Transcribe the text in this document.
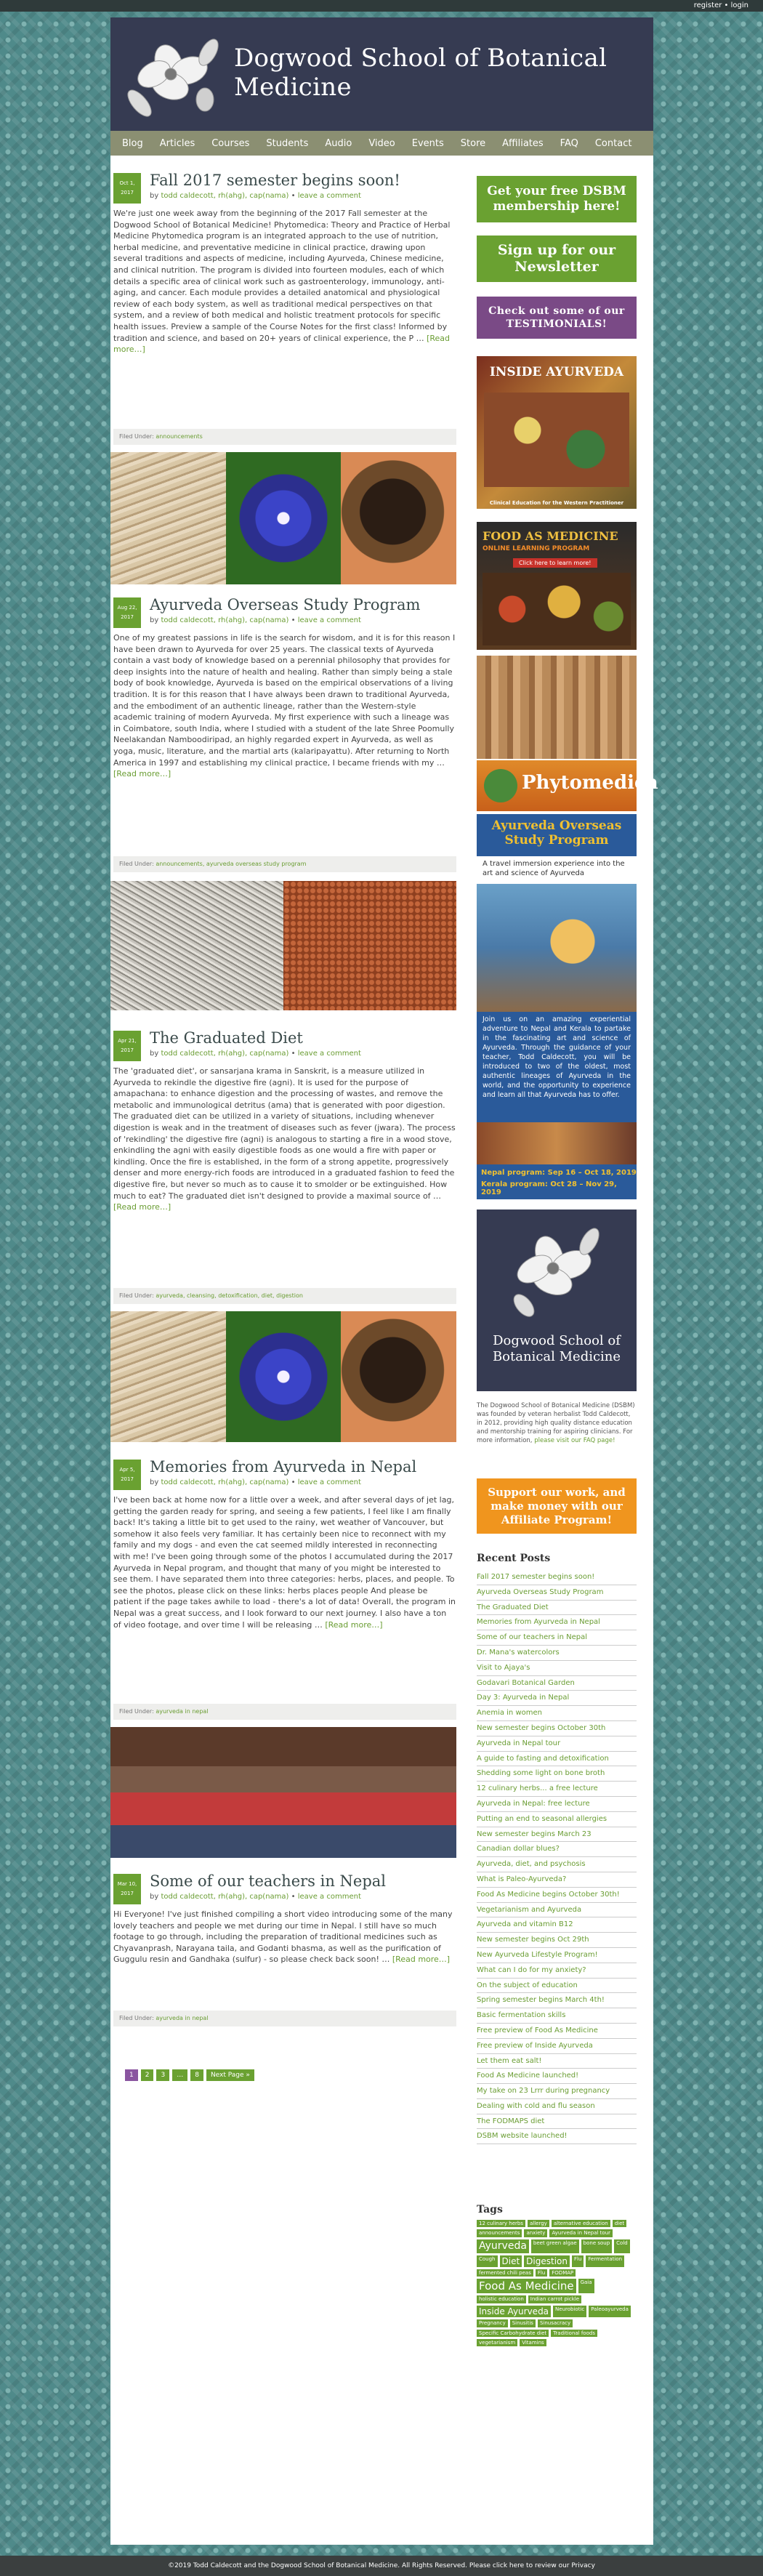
register • login
Dogwood School of Botanical Medicine
Blog Articles Courses Students Audio Video Events Store Affiliates FAQ Contact
Oct 1,
2017
Fall 2017 semester begins soon!
by todd caldecott, rh(ahg), cap(nama) • leave a comment
We're just one week away from the beginning of the 2017 Fall semester at the Dogwood School of Botanical Medicine! Phytomedica: Theory and Practice of Herbal Medicine Phytomedica program is an integrated approach to the use of nutrition, herbal medicine, and preventative medicine in clinical practice, drawing upon several traditions and aspects of medicine, including Ayurveda, Chinese medicine, and clinical nutrition. The program is divided into fourteen modules, each of which details a specific area of clinical work such as gastroenterology, immunology, anti-aging, and cancer. Each module provides a detailed anatomical and physiological review of each body system, as well as traditional medical perspectives on that system, and a review of both medical and holistic treatment protocols for specific health issues. Preview a sample of the Course Notes for the first class! Informed by tradition and science, and based on 20+ years of clinical experience, the P … [Read more…]
Filed Under: announcements
Aug 22,
2017
Ayurveda Overseas Study Program
by todd caldecott, rh(ahg), cap(nama) • leave a comment
One of my greatest passions in life is the search for wisdom, and it is for this reason I have been drawn to Ayurveda for over 25 years. The classical texts of Ayurveda contain a vast body of knowledge based on a perennial philosophy that provides for deep insights into the nature of health and healing. Rather than simply being a stale body of book knowledge, Ayurveda is based on the empirical observations of a living tradition. It is for this reason that I have always been drawn to traditional Ayurveda, and the embodiment of an authentic lineage, rather than the Western-style academic training of modern Ayurveda. My first experience with such a lineage was in Coimbatore, south India, where I studied with a student of the late Shree Poomully Neelakandan Namboodiripad, an highly regarded expert in Ayurveda, as well as yoga, music, literature, and the martial arts (kalaripayattu). After returning to North America in 1997 and establishing my clinical practice, I became friends with my … [Read more…]
Filed Under: announcements, ayurveda overseas study program
Apr 21,
2017
The Graduated Diet
by todd caldecott, rh(ahg), cap(nama) • leave a comment
The 'graduated diet', or sansarjana krama in Sanskrit, is a measure utilized in Ayurveda to rekindle the digestive fire (agni). It is used for the purpose of amapachana: to enhance digestion and the processing of wastes, and remove the metabolic and immunological detritus (ama) that is generated with poor digestion. The graduated diet can be utilized in a variety of situations, including whenever digestion is weak and in the treatment of diseases such as fever (jwara). The process of 'rekindling' the digestive fire (agni) is analogous to starting a fire in a wood stove, enkindling the agni with easily digestible foods as one would a fire with paper or kindling. Once the fire is established, in the form of a strong appetite, progressively denser and more energy-rich foods are introduced in a graduated fashion to feed the digestive fire, but never so much as to cause it to smolder or be extinguished. How much to eat? The graduated diet isn't designed to provide a maximal source of … [Read more…]
Filed Under: ayurveda, cleansing, detoxification, diet, digestion
Apr 5,
2017
Memories from Ayurveda in Nepal
by todd caldecott, rh(ahg), cap(nama) • leave a comment
I've been back at home now for a little over a week, and after several days of jet lag, getting the garden ready for spring, and seeing a few patients, I feel like I am finally back! It's taking a little bit to get used to the rainy, wet weather of Vancouver, but somehow it also feels very familiar. It has certainly been nice to reconnect with my family and my dogs - and even the cat seemed mildly interested in reconnecting with me! I've been going through some of the photos I accumulated during the 2017 Ayurveda in Nepal program, and thought that many of you might be interested to see them. I have separated them into three categories: herbs, places, and people. To see the photos, please click on these links: herbs places people And please be patient if the page takes awhile to load - there's a lot of data! Overall, the program in Nepal was a great success, and I look forward to our next journey. I also have a ton of video footage, and over time I will be releasing … [Read more…]
Filed Under: ayurveda in nepal
Mar 10,
2017
Some of our teachers in Nepal
by todd caldecott, rh(ahg), cap(nama) • leave a comment
Hi Everyone! I've just finished compiling a short video introducing some of the many lovely teachers and people we met during our time in Nepal. I still have so much footage to go through, including the preparation of traditional medicines such as Chyavanprash, Narayana taila, and Godanti bhasma, as well as the purification of Guggulu resin and Gandhaka (sulfur) - so please check back soon! … [Read more…]
Filed Under: ayurveda in nepal
1	2	3	…	8	Next Page »
Get your free DSBM membership here!
Sign up for our Newsletter
Check out some of our TESTIMONIALS!
INSIDE AYURVEDA
Clinical Education for the Western Practitioner
FOOD AS MEDICINE
ONLINE LEARNING PROGRAM
Click here to learn more!
Phytomedica
Ayurveda Overseas Study Program
A travel immersion experience into the art and science of Ayurveda
Join us on an amazing experiential adventure to Nepal and Kerala to partake in the fascinating art and science of Ayurveda. Through the guidance of your teacher, Todd Caldecott, you will be introduced to two of the oldest, most authentic lineages of Ayurveda in the world, and the opportunity to experience and learn all that Ayurveda has to offer.
Nepal program: Sep 16 – Oct 18, 2019
Kerala program: Oct 28 – Nov 29, 2019
Dogwood School of Botanical Medicine
The Dogwood School of Botanical Medicine (DSBM) was founded by veteran herbalist Todd Caldecott, in 2012, providing high quality distance education and mentorship training for aspiring clinicians. For more information, please visit our FAQ page!
Support our work, and make money with our Affiliate Program!
Recent Posts
Fall 2017 semester begins soon!
Ayurveda Overseas Study Program
The Graduated Diet
Memories from Ayurveda in Nepal
Some of our teachers in Nepal
Dr. Mana's watercolors
Visit to Ajaya's
Godavari Botanical Garden
Day 3: Ayurveda in Nepal
Anemia in women
New semester begins October 30th
Ayurveda in Nepal tour
A guide to fasting and detoxification
Shedding some light on bone broth
12 culinary herbs... a free lecture
Ayurveda in Nepal: free lecture
Putting an end to seasonal allergies
New semester begins March 23
Canadian dollar blues?
Ayurveda, diet, and psychosis
What is Paleo-Ayurveda?
Food As Medicine begins October 30th!
Vegetarianism and Ayurveda
Ayurveda and vitamin B12
New semester begins Oct 29th
New Ayurveda Lifestyle Program!
What can I do for my anxiety?
On the subject of education
Spring semester begins March 4th!
Basic fermentation skills
Free preview of Food As Medicine
Free preview of Inside Ayurveda
Let them eat salt!
Food As Medicine launched!
My take on 23 Lrrr during pregnancy
Dealing with cold and flu season
The FODMAPS diet
DSBM website launched!
Tags
12 culinary herbs	allergy	alternative education	diet
announcements	anxiety	Ayurveda in Nepal tour
Ayurveda	beet green algae	bone soup	Cold
Cough Diet Digestion	Flu	Fermentation
fermented chili peas	Flu	FODMAP
Food As Medicine	Gaia
holistic education	Indian carrot pickle
Inside Ayurveda	Neurobiotic	Paleoayurveda
Pregnancy	Sinusitis	Sinusacracy
Specific Carbohydrate diet	Traditional foods
vegetarianism	Vitamins
©2019 Todd Caldecott and the Dogwood School of Botanical Medicine. All Rights Reserved. Please click here to review our Privacy
